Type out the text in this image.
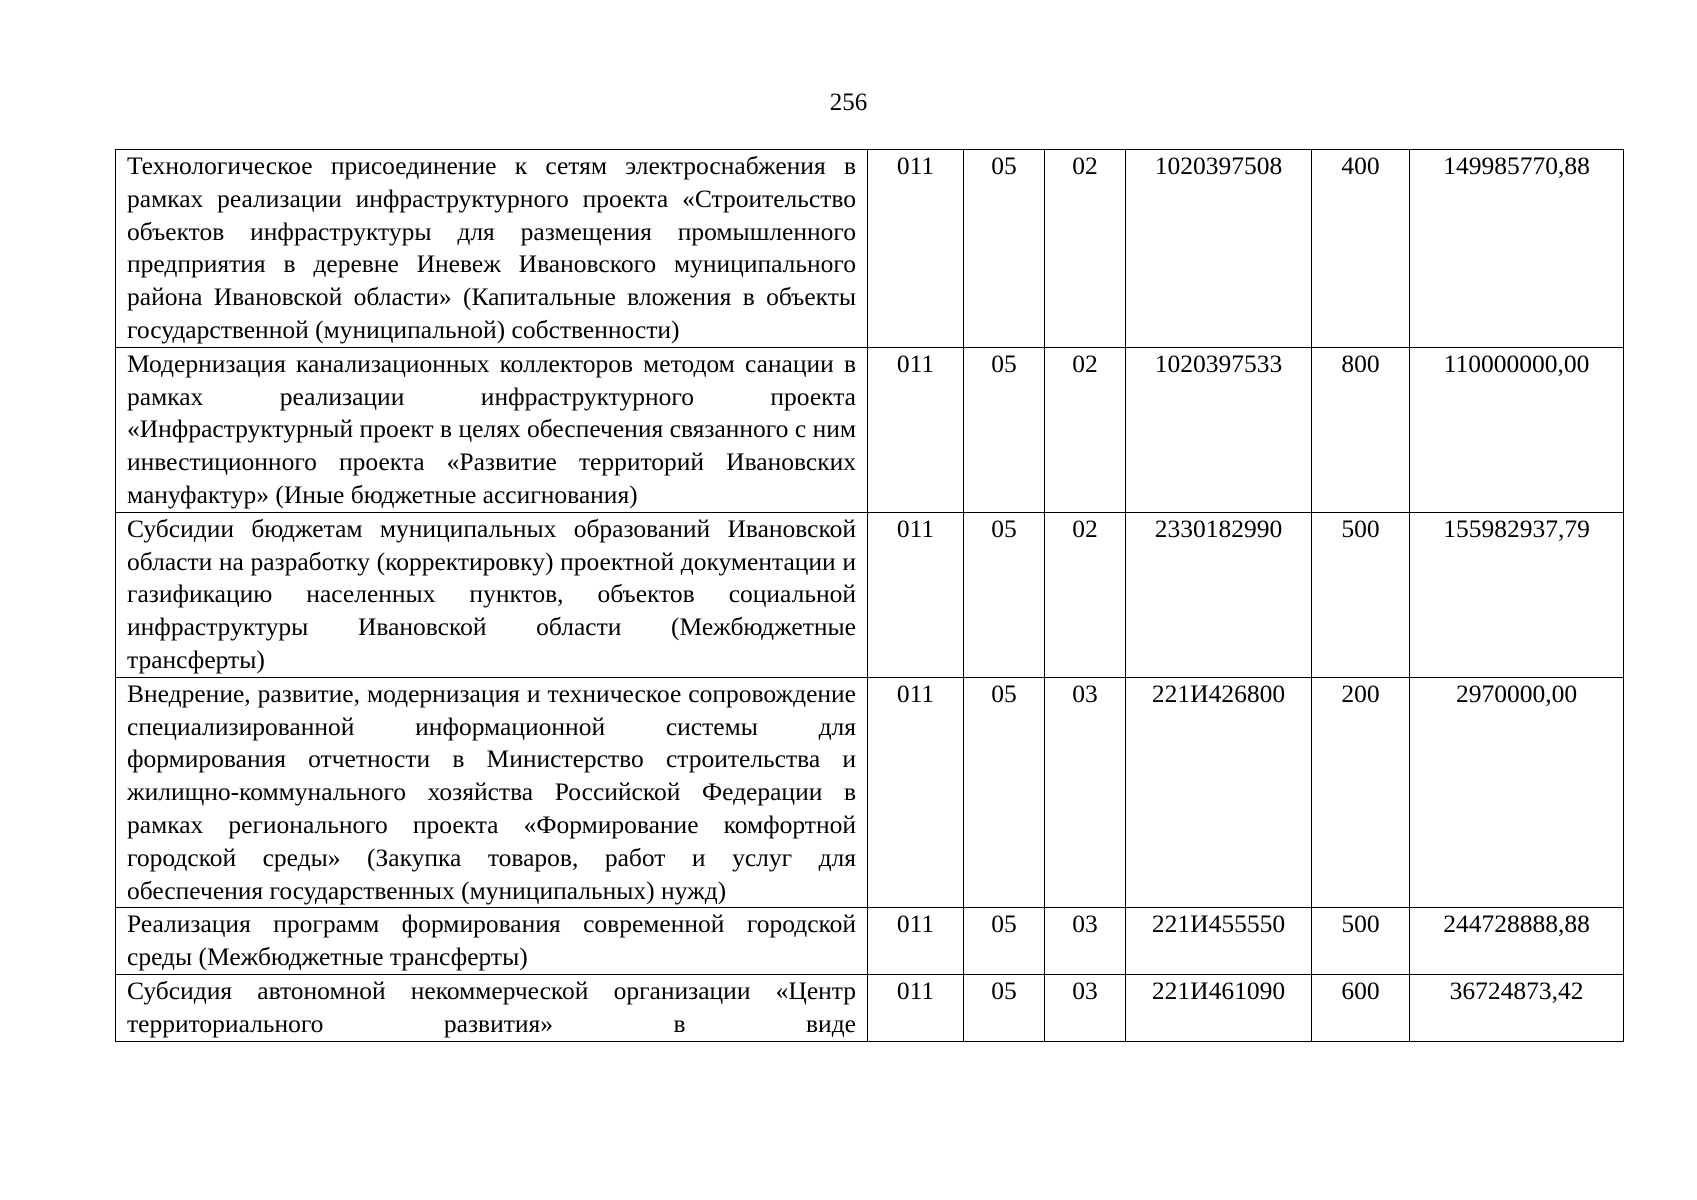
256
Технологическое присоединение к сетям электроснабжения в рамках реализации инфраструктурного проекта «Строительство объектов инфраструктуры для размещения промышленного предприятия в деревне Иневеж Ивановского муниципального района Ивановской области» (Капитальные вложения в объекты государственной (муниципальной) собственности)	011	05	02	1020397508	400	149985770,88
Модернизация канализационных коллекторов методом санации в рамках реализации инфраструктурного проекта «Инфраструктурный проект в целях обеспечения связанного с ним инвестиционного проекта «Развитие территорий Ивановских мануфактур» (Иные бюджетные ассигнования)	011	05	02	1020397533	800	110000000,00
Субсидии бюджетам муниципальных образований Ивановской области на разработку (корректировку) проектной документации и газификацию населенных пунктов, объектов социальной инфраструктуры Ивановской области (Межбюджетные трансферты)	011	05	02	2330182990	500	155982937,79
Внедрение, развитие, модернизация и техническое сопровождение специализированной информационной системы для формирования отчетности в Министерство строительства и жилищно-коммунального хозяйства Российской Федерации в рамках регионального проекта «Формирование комфортной городской среды» (Закупка товаров, работ и услуг для обеспечения государственных (муниципальных) нужд)	011	05	03	221И426800	200	2970000,00
Реализация программ формирования современной городской среды (Межбюджетные трансферты)	011	05	03	221И455550	500	244728888,88

Субсидия автономной некоммерческой организации «Центр территориального развития» в виде	011	05	03	221И461090	600	36724873,42
